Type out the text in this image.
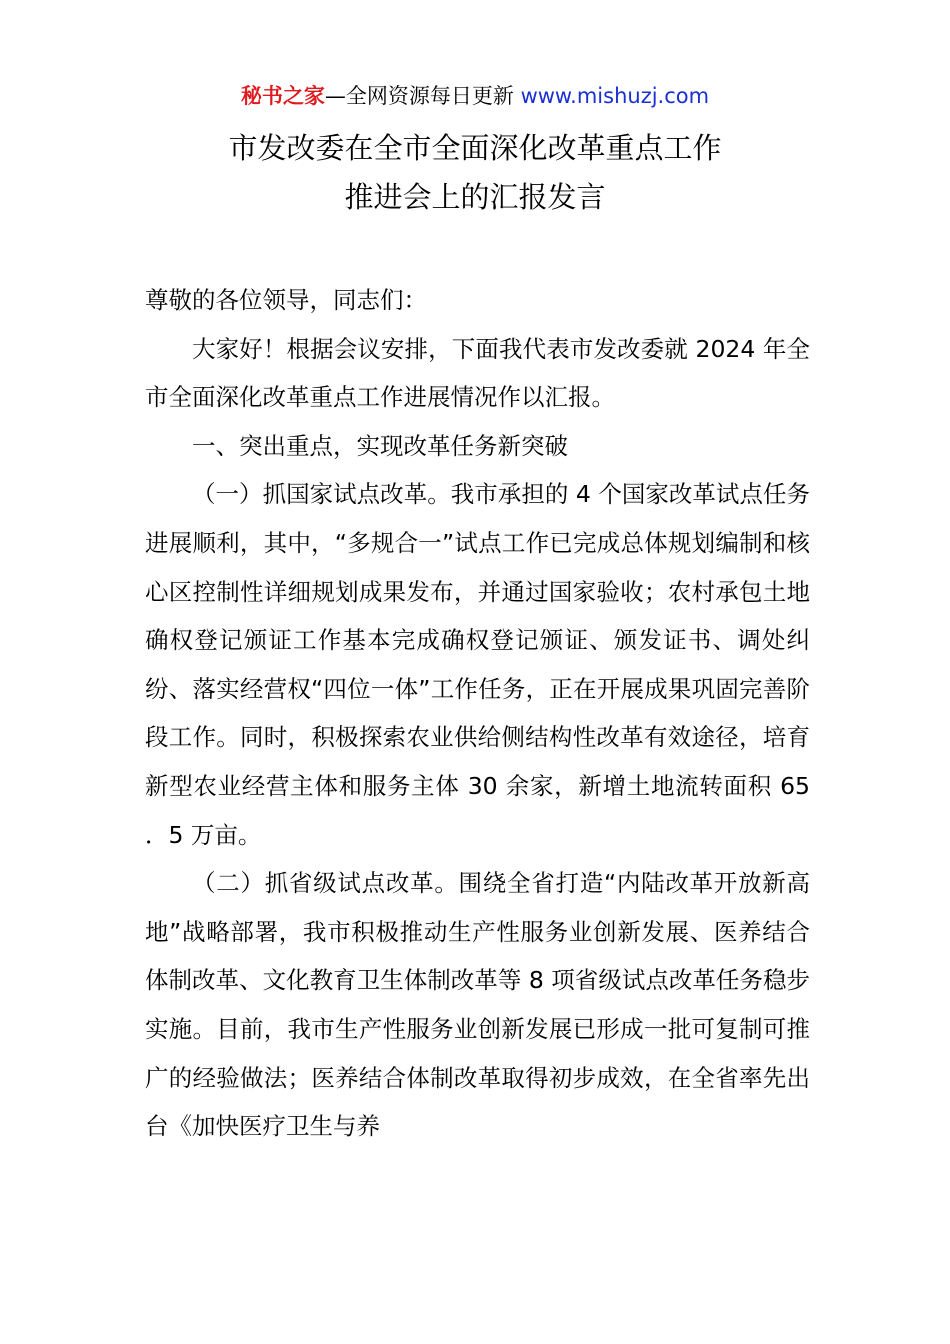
秘书之家—全网资源每日更新 www.mishuzj.com
市发改委在全市全面深化改革重点工作
推进会上的汇报发言

尊敬的各位领导，同志们：

大家好！根据会议安排，下面我代表市发改委就 2024 年全市全面深化改革重点工作进展情况作以汇报。

一、突出重点，实现改革任务新突破

（一）抓国家试点改革。我市承担的 4 个国家改革试点任务进展顺利，其中，“多规合一”试点工作已完成总体规划编制和核心区控制性详细规划成果发布，并通过国家验收；农村承包土地确权登记颁证工作基本完成确权登记颁证、颁发证书、调处纠纷、落实经营权“四位一体”工作任务，正在开展成果巩固完善阶段工作。同时，积极探索农业供给侧结构性改革有效途径，培育新型农业经营主体和服务主体 30 余家，新增土地流转面积 65 ．5 万亩。

（二）抓省级试点改革。围绕全省打造“内陆改革开放新高地”战略部署，我市积极推动生产性服务业创新发展、医养结合体制改革、文化教育卫生体制改革等 8 项省级试点改革任务稳步实施。目前，我市生产性服务业创新发展已形成一批可复制可推广的经验做法；医养结合体制改革取得初步成效，在全省率先出台《加快医疗卫生与养
